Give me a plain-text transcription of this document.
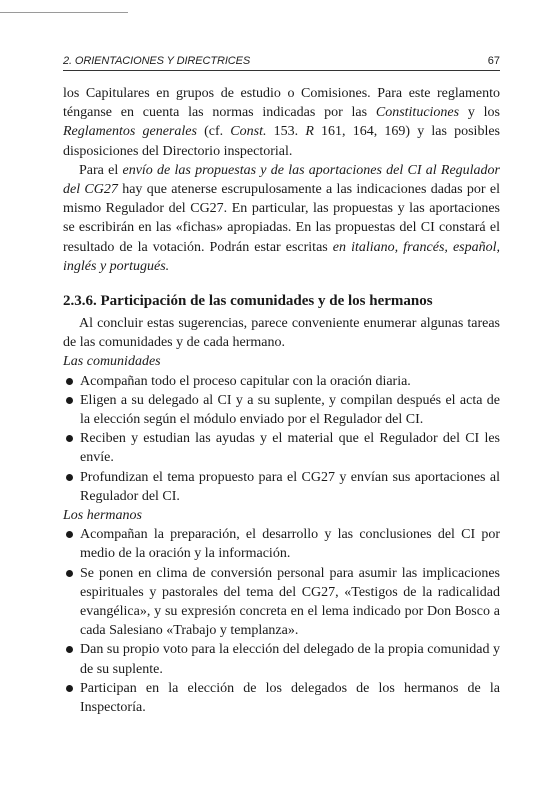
2. ORIENTACIONES Y DIRECTRICES	67

los Capitulares en grupos de estudio o Comisiones. Para este reglamento ténganse en cuenta las normas indicadas por las Constituciones y los Reglamentos generales (cf. Const. 153. R 161, 164, 169) y las posibles disposiciones del Directorio inspectorial.

Para el envío de las propuestas y de las aportaciones del CI al Regulador del CG27 hay que atenerse escrupulosamente a las indicaciones dadas por el mismo Regulador del CG27. En particular, las propuestas y las aportaciones se escribirán en las «fichas» apropiadas. En las propuestas del CI constará el resultado de la votación. Podrán estar escritas en italiano, francés, español, inglés y portugués.

2.3.6. Participación de las comunidades y de los hermanos

Al concluir estas sugerencias, parece conveniente enumerar algunas tareas de las comunidades y de cada hermano.

Las comunidades

Acompañan todo el proceso capitular con la oración diaria.
Eligen a su delegado al CI y a su suplente, y compilan después el acta de la elección según el módulo enviado por el Regulador del CI.
Reciben y estudian las ayudas y el material que el Regulador del CI les envíe.
Profundizan el tema propuesto para el CG27 y envían sus aportaciones al Regulador del CI.

Los hermanos

Acompañan la preparación, el desarrollo y las conclusiones del CI por medio de la oración y la información.
Se ponen en clima de conversión personal para asumir las implicaciones espirituales y pastorales del tema del CG27, «Testigos de la radicalidad evangélica», y su expresión concreta en el lema indicado por Don Bosco a cada Salesiano «Trabajo y templanza».
Dan su propio voto para la elección del delegado de la propia comunidad y de su suplente.
Participan en la elección de los delegados de los hermanos de la Inspectoría.
